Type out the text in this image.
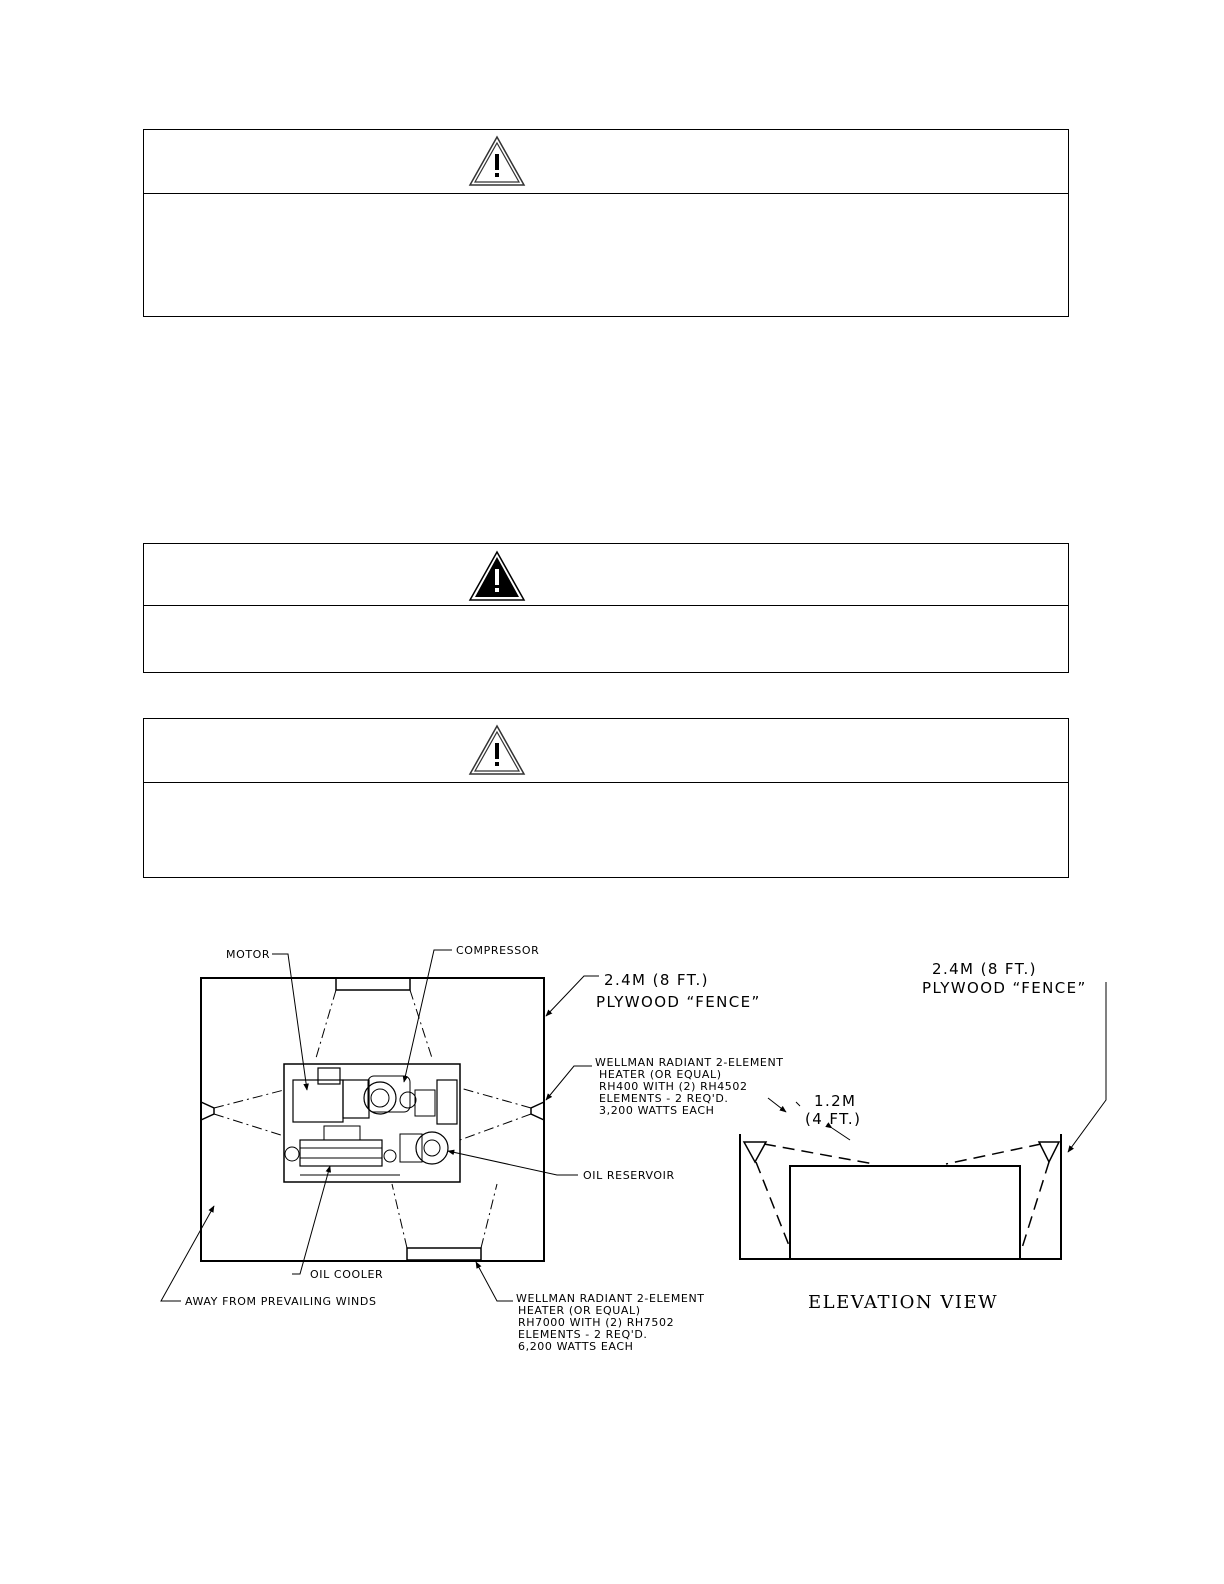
MOTOR	COMPRESSOR
2.4M (8 FT.)
PLYWOOD “FENCE”
WELLMAN RADIANT 2-ELEMENT
HEATER (OR EQUAL)
RH400 WITH (2) RH4502
ELEMENTS - 2 REQ'D.
3,200 WATTS EACH
OIL RESERVOIR
OIL COOLER
AWAY FROM PREVAILING WINDS	WELLMAN RADIANT 2-ELEMENT
HEATER (OR EQUAL)
RH7000 WITH (2) RH7502
ELEMENTS - 2 REQ'D.
6,200 WATTS EACH
2.4M (8 FT.)
PLYWOOD “FENCE”
1.2M
(4 FT.)
ELEVATION VIEW
